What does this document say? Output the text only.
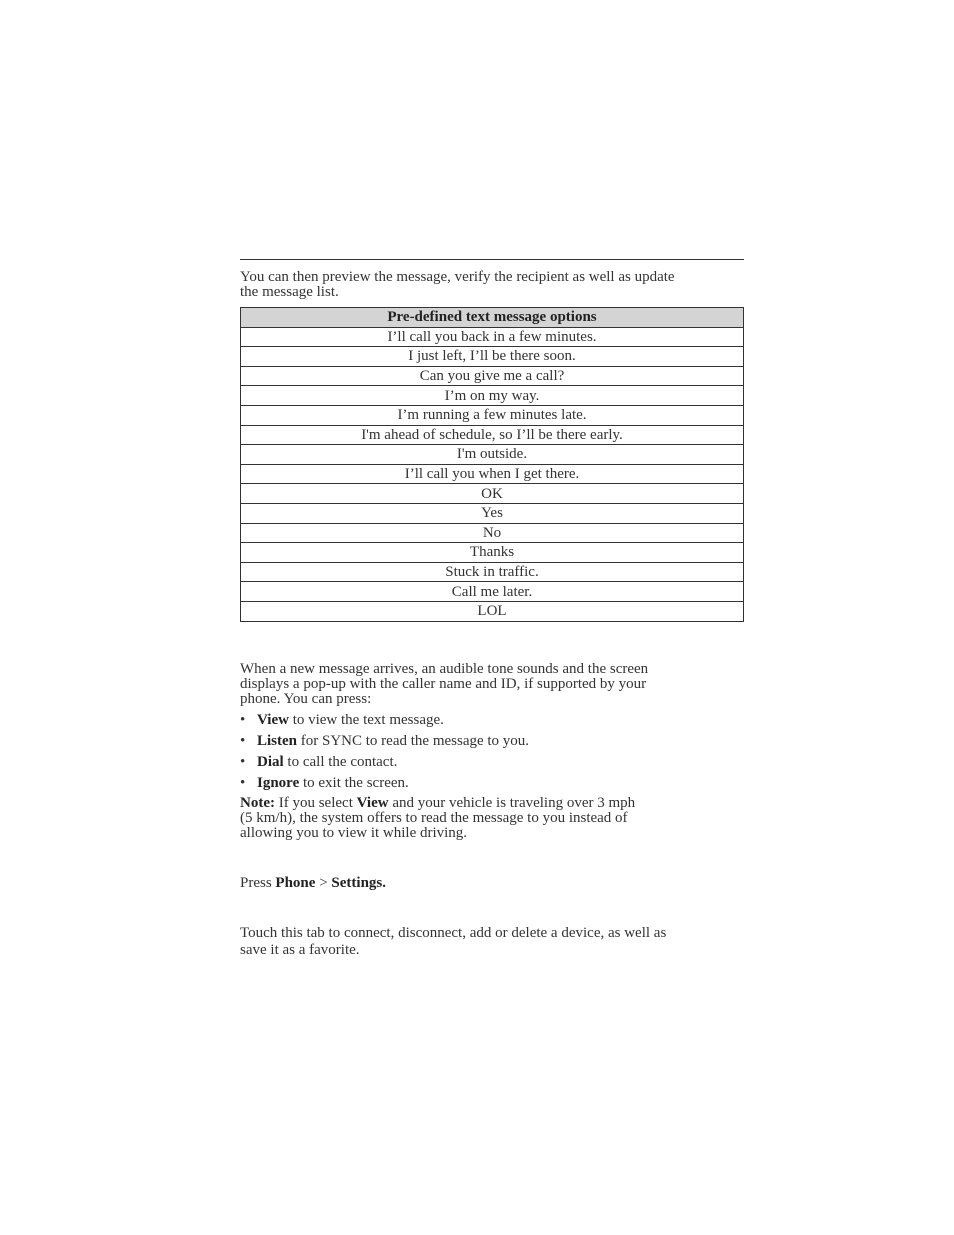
You can then preview the message, verify the recipient as well as update

the message list.

Pre-defined text message options
I’ll call you back in a few minutes.
I just left, I’ll be there soon.
Can you give me a call?
I’m on my way.
I’m running a few minutes late.
I'm ahead of schedule, so I’ll be there early.
I'm outside.
I’ll call you when I get there.
OK
Yes
No
Thanks
Stuck in traffic.
Call me later.
LOL

When a new message arrives, an audible tone sounds and the screen

displays a pop-up with the caller name and ID, if supported by your

phone. You can press:

• View to view the text message.
• Listen for SYNC to read the message to you.
• Dial to call the contact.
• Ignore to exit the screen.

Note: If you select View and your vehicle is traveling over 3 mph

(5 km/h), the system offers to read the message to you instead of

allowing you to view it while driving.

Press Phone > Settings.

Touch this tab to connect, disconnect, add or delete a device, as well as

save it as a favorite.
